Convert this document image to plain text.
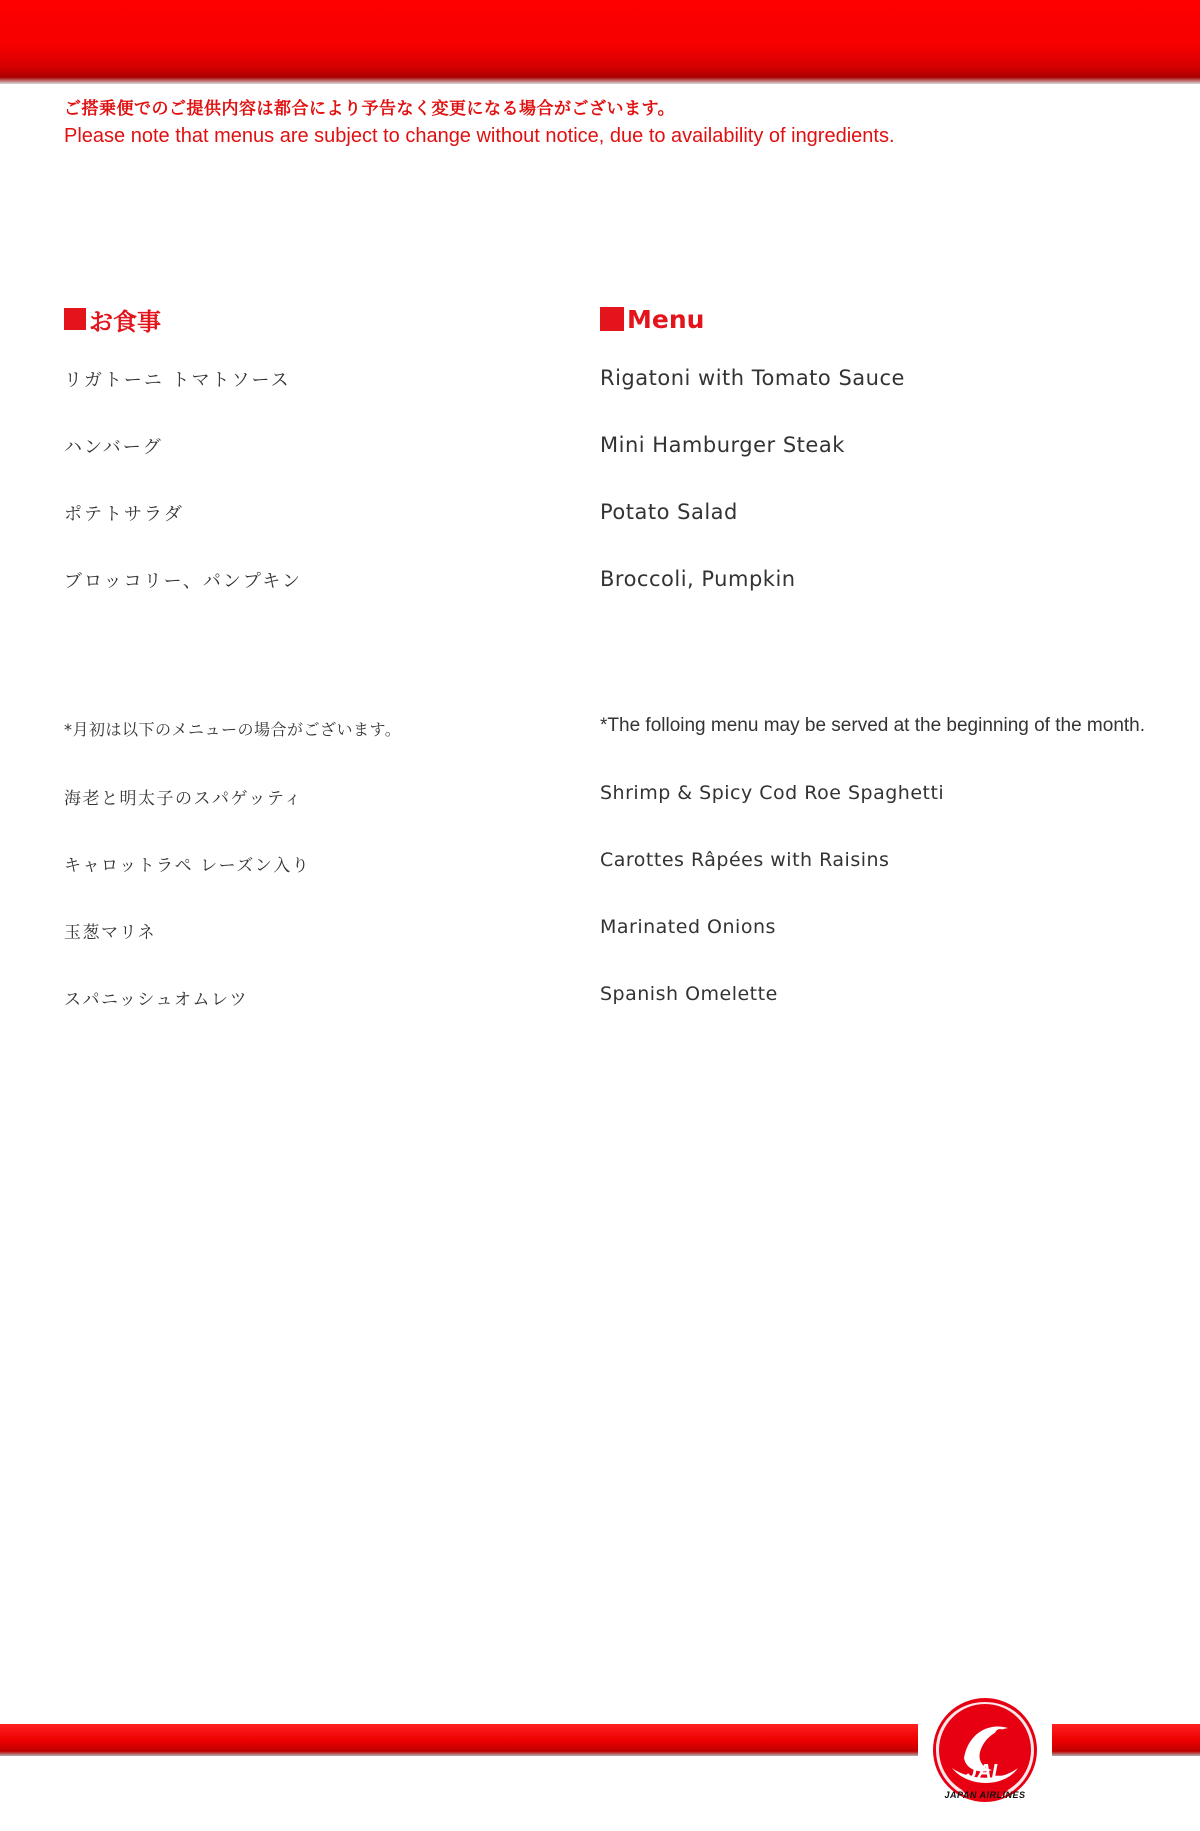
ご搭乗便でのご提供内容は都合により予告なく変更になる場合がございます。
Please note that menus are subject to change without notice, due to availability of ingredients.
お食事
リガトーニ トマトソース
ハンバーグ
ポテトサラダ
ブロッコリー、パンプキン
*月初は以下のメニューの場合がございます。
海老と明太子のスパゲッティ
キャロットラペ レーズン入り
玉葱マリネ
スパニッシュオムレツ
Menu
Rigatoni with Tomato Sauce
Mini Hamburger Steak
Potato Salad
Broccoli, Pumpkin
*The folloing menu may be served at the beginning of the month.
Shrimp & Spicy Cod Roe Spaghetti
Carottes Râpées with Raisins
Marinated Onions
Spanish Omelette
JAL
JAPAN AIRLINES
